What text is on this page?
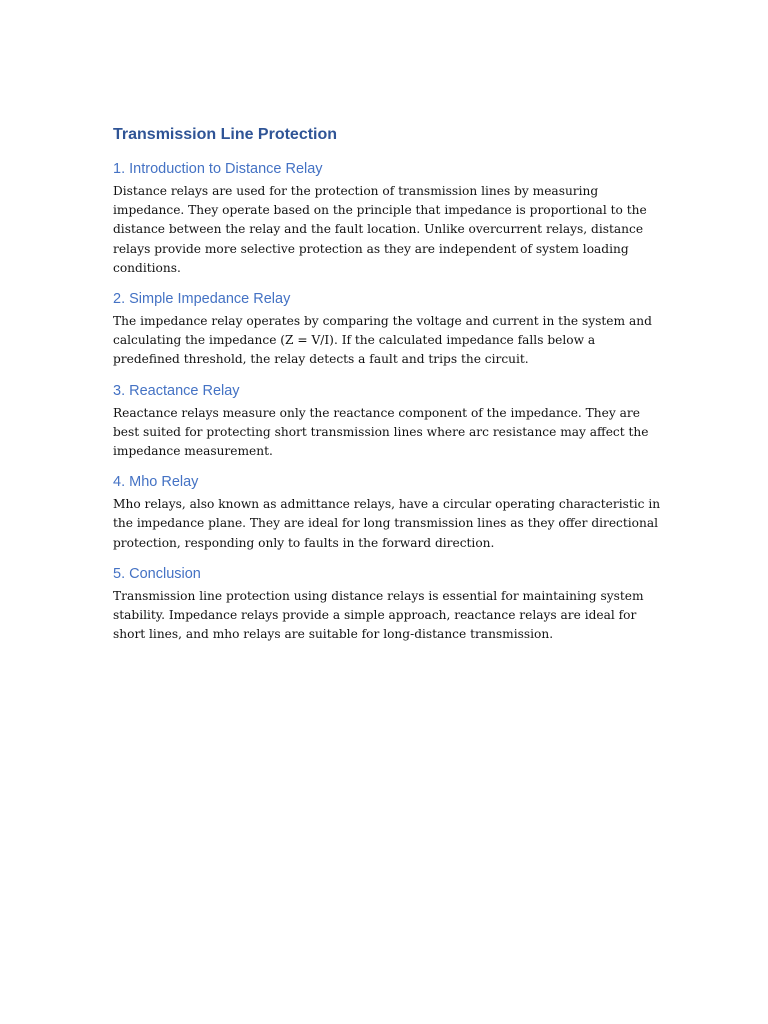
Transmission Line Protection
1. Introduction to Distance Relay

Distance relays are used for the protection of transmission lines by measuring impedance. They operate based on the principle that impedance is proportional to the distance between the relay and the fault location. Unlike overcurrent relays, distance relays provide more selective protection as they are independent of system loading conditions.

2. Simple Impedance Relay

The impedance relay operates by comparing the voltage and current in the system and calculating the impedance (Z = V/I). If the calculated impedance falls below a predefined threshold, the relay detects a fault and trips the circuit.

3. Reactance Relay

Reactance relays measure only the reactance component of the impedance. They are best suited for protecting short transmission lines where arc resistance may affect the impedance measurement.

4. Mho Relay

Mho relays, also known as admittance relays, have a circular operating characteristic in the impedance plane. They are ideal for long transmission lines as they offer directional protection, responding only to faults in the forward direction.

5. Conclusion

Transmission line protection using distance relays is essential for maintaining system stability. Impedance relays provide a simple approach, reactance relays are ideal for short lines, and mho relays are suitable for long-distance transmission.
